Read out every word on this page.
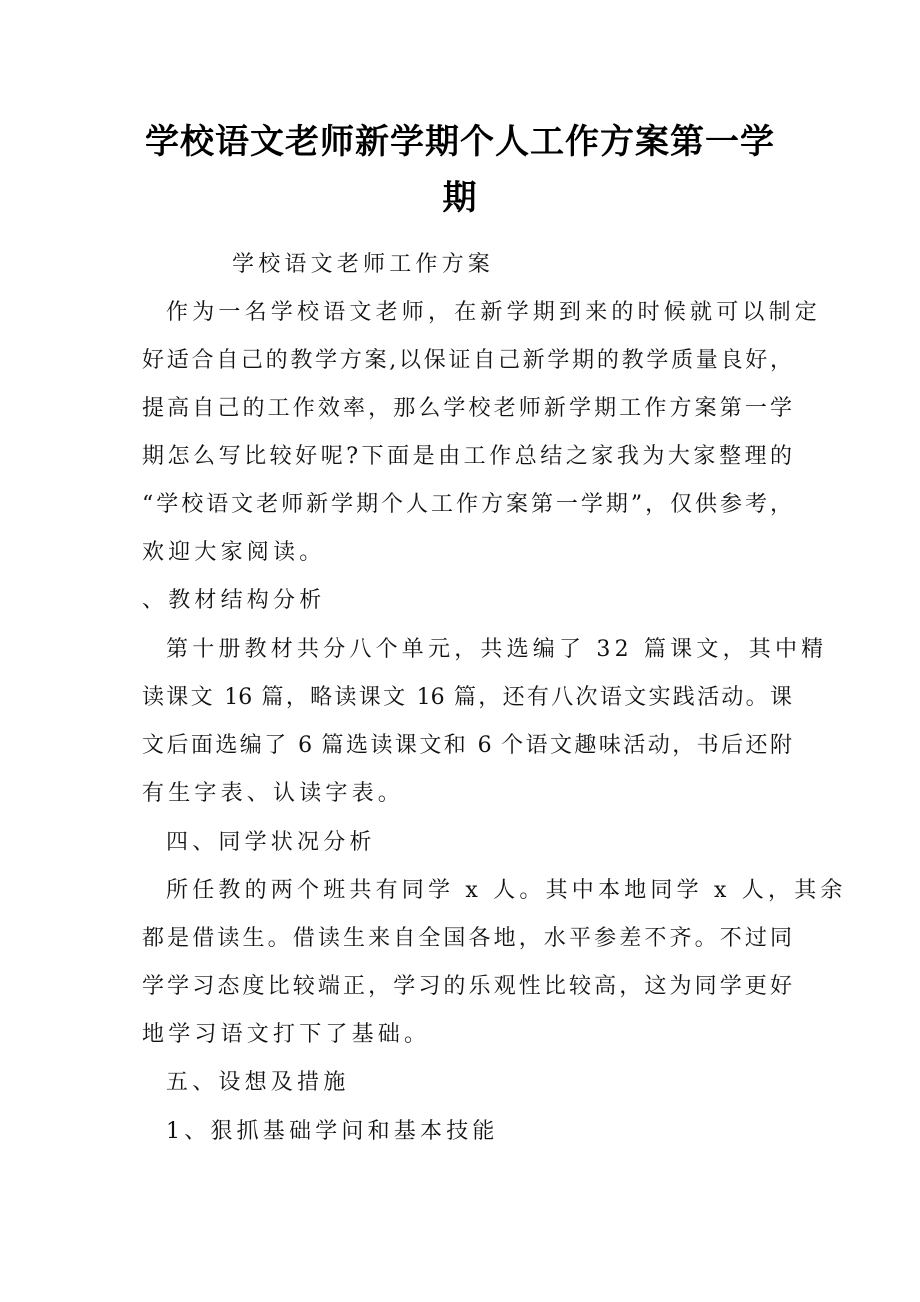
学校语文老师新学期个人工作方案第一学
期
学校语文老师工作方案
作为一名学校语文老师，在新学期到来的时候就可以制定
好适合自己的教学方案,以保证自己新学期的教学质量良好，
提高自己的工作效率，那么学校老师新学期工作方案第一学
期怎么写比较好呢?下面是由工作总结之家我为大家整理的
“学校语文老师新学期个人工作方案第一学期”，仅供参考，
欢迎大家阅读。
、教材结构分析
第十册教材共分八个单元，共选编了 32 篇课文，其中精
读课文 16 篇，略读课文 16 篇，还有八次语文实践活动。课
文后面选编了 6 篇选读课文和 6 个语文趣味活动，书后还附
有生字表、认读字表。
四、同学状况分析
所任教的两个班共有同学 x 人。其中本地同学 x 人，其余
都是借读生。借读生来自全国各地，水平参差不齐。不过同
学学习态度比较端正，学习的乐观性比较高，这为同学更好
地学习语文打下了基础。
五、设想及措施
1、狠抓基础学问和基本技能
